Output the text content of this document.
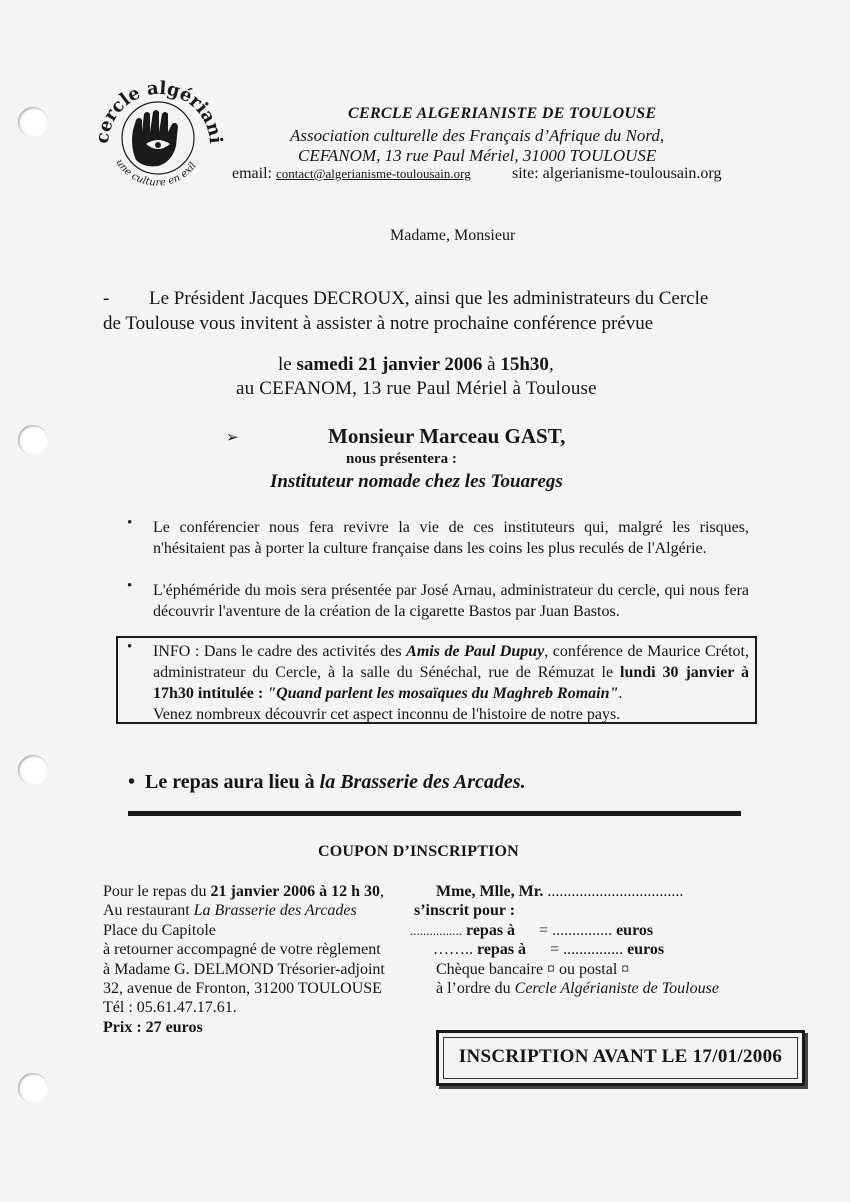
cercle algériani
une culture en exil
CERCLE ALGERIANISTE DE TOULOUSE
Association culturelle des Français d’Afrique du Nord,
CEFANOM, 13 rue Paul Mériel, 31000 TOULOUSE
email: contact@algerianisme-toulousain.org	site: algerianisme-toulousain.org
Madame, Monsieur
- Le Président Jacques DECROUX, ainsi que les administrateurs du Cercle
de Toulouse vous invitent à assister à notre prochaine conférence prévue
le samedi 21 janvier 2006 à 15h30,
au CEFANOM, 13 rue Paul Mériel à Toulouse
➢	Monsieur Marceau GAST,
nous présentera :
Instituteur nomade chez les Touaregs
• Le conférencier nous fera revivre la vie de ces instituteurs qui, malgré les risques, n'hésitaient pas à porter la culture française dans les coins les plus reculés de l'Algérie.
• L'éphéméride du mois sera présentée par José Arnau, administrateur du cercle, qui nous fera découvrir l'aventure de la création de la cigarette Bastos par Juan Bastos.
• INFO : Dans le cadre des activités des Amis de Paul Dupuy, conférence de Maurice Crétot, administrateur du Cercle, à la salle du Sénéchal, rue de Rémuzat le lundi 30 janvier à 17h30 intitulée : "Quand parlent les mosaïques du Maghreb Romain".
Venez nombreux découvrir cet aspect inconnu de l'histoire de notre pays.
• Le repas aura lieu à la Brasserie des Arcades.
COUPON D’INSCRIPTION
Pour le repas du 21 janvier 2006 à 12 h 30,
Au restaurant La Brasserie des Arcades
Place du Capitole
à retourner accompagné de votre règlement
à Madame G. DELMOND Trésorier-adjoint
32, avenue de Fronton, 31200 TOULOUSE
Tél : 05.61.47.17.61.
Prix : 27 euros
Mme, Mlle, Mr. ..................................
s’inscrit pour :
................ repas à = ............... euros
…….. repas à = ............... euros
Chèque bancaire ¤ ou postal ¤
à l’ordre du Cercle Algérianiste de Toulouse
INSCRIPTION AVANT LE 17/01/2006
